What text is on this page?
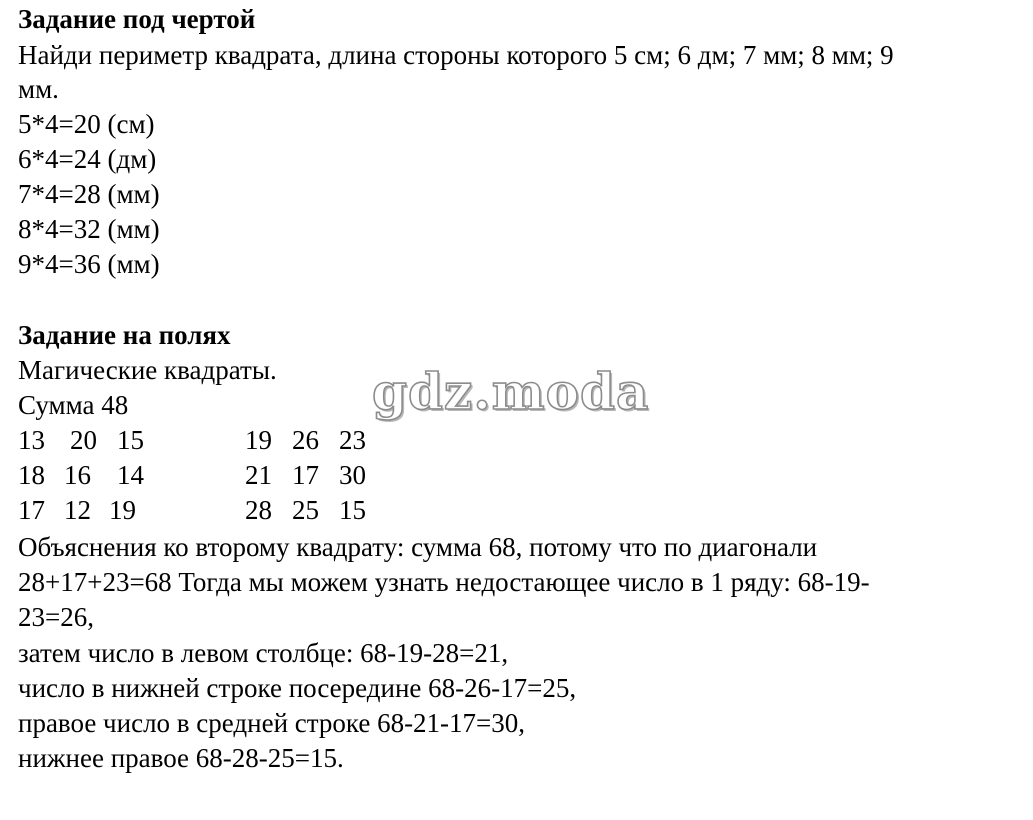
Задание под чертой
Найди периметр квадрата, длина стороны которого 5 см; 6 дм; 7 мм; 8 мм; 9
мм.
5*4=20 (см)
6*4=24 (дм)
7*4=28 (мм)
8*4=32 (мм)
9*4=36 (мм)
Задание на полях
Магические квадраты.
Сумма 48
13 20 15
18 16 14
17 12 19
19 26 23
21 17 30
28 25 15
Объяснения ко второму квадрату: сумма 68, потому что по диагонали
28+17+23=68 Тогда мы можем узнать недостающее число в 1 ряду: 68-19-
23=26,
затем число в левом столбце: 68-19-28=21,
число в нижней строке посередине 68-26-17=25,
правое число в средней строке 68-21-17=30,
нижнее правое 68-28-25=15.
gdz.moda
